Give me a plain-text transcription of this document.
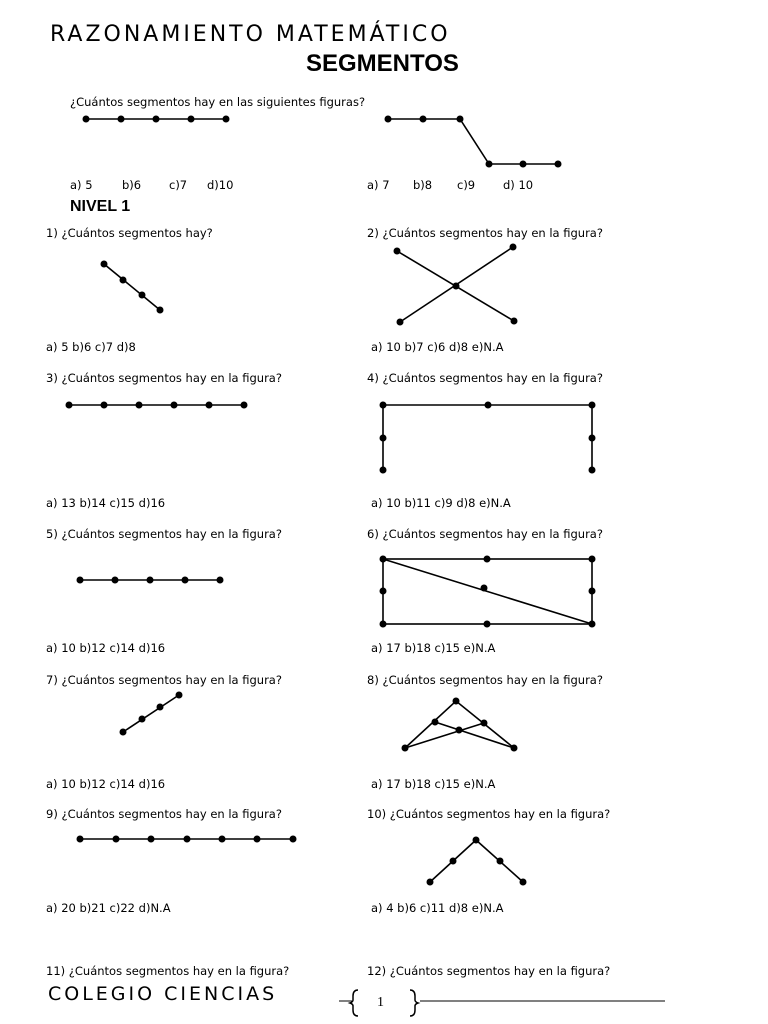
RAZONAMIENTO MATEMÁTICO
SEGMENTOS
¿Cuántos segmentos hay en las siguientes figuras?
a) 5	b)6 c)7 d)10	a) 7 b)8 c)9 d) 10
NIVEL 1
1) ¿Cuántos segmentos hay?
a) 5 b)6 c)7 d)8
2) ¿Cuántos segmentos hay en la figura?
a) 10 b)7 c)6 d)8 e)N.A
3) ¿Cuántos segmentos hay en la figura?
a) 13 b)14 c)15 d)16
4) ¿Cuántos segmentos hay en la figura?
a) 10 b)11 c)9 d)8 e)N.A
5) ¿Cuántos segmentos hay en la figura?
a) 10 b)12 c)14 d)16
6) ¿Cuántos segmentos hay en la figura?
a) 17 b)18 c)15 e)N.A
7) ¿Cuántos segmentos hay en la figura?
a) 10 b)12 c)14 d)16
8) ¿Cuántos segmentos hay en la figura?
a) 17 b)18 c)15 e)N.A
9) ¿Cuántos segmentos hay en la figura?
a) 20 b)21 c)22 d)N.A
10) ¿Cuántos segmentos hay en la figura?
a) 4 b)6 c)11 d)8 e)N.A
11) ¿Cuántos segmentos hay en la figura?	12) ¿Cuántos segmentos hay en la figura?
COLEGIO CIENCIAS	1
